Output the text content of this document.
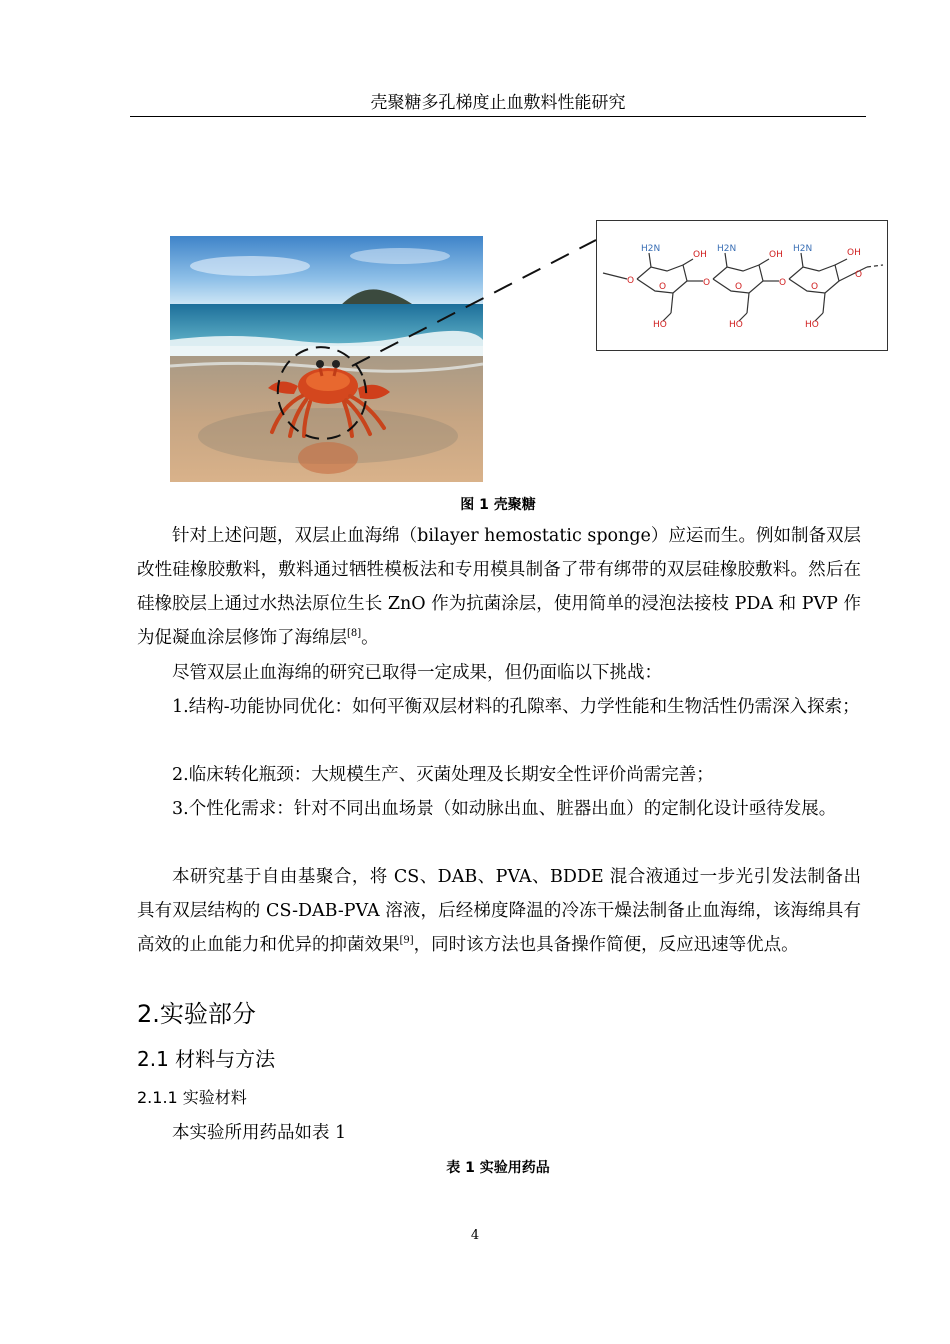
壳聚糖多孔梯度止血敷料性能研究
H2N	H2N	H2N
O
OH
O
HO
O
OH
O
HO
O
OH
O
HO
O
图 1 壳聚糖

针对上述问题，双层止血海绵（bilayer hemostatic sponge）应运而生。例如制备双层改性硅橡胶敷料，敷料通过牺牲模板法和专用模具制备了带有绑带的双层硅橡胶敷料。然后在硅橡胶层上通过水热法原位生长 ZnO 作为抗菌涂层，使用简单的浸泡法接枝 PDA 和 PVP 作为促凝血涂层修饰了海绵层[8]。

尽管双层止血海绵的研究已取得一定成果，但仍面临以下挑战：

1.结构-功能协同优化：如何平衡双层材料的孔隙率、力学性能和生物活性仍需深入探索；

2.临床转化瓶颈：大规模生产、灭菌处理及长期安全性评价尚需完善；

3.个性化需求：针对不同出血场景（如动脉出血、脏器出血）的定制化设计亟待发展。

本研究基于自由基聚合，将 CS、DAB、PVA、BDDE 混合液通过一步光引发法制备出具有双层结构的 CS-DAB-PVA 溶液，后经梯度降温的冷冻干燥法制备止血海绵，该海绵具有高效的止血能力和优异的抑菌效果[9]，同时该方法也具备操作简便，反应迅速等优点。

2.实验部分
2.1 材料与方法
2.1.1 实验材料

本实验所用药品如表 1

表 1 实验用药品
4
